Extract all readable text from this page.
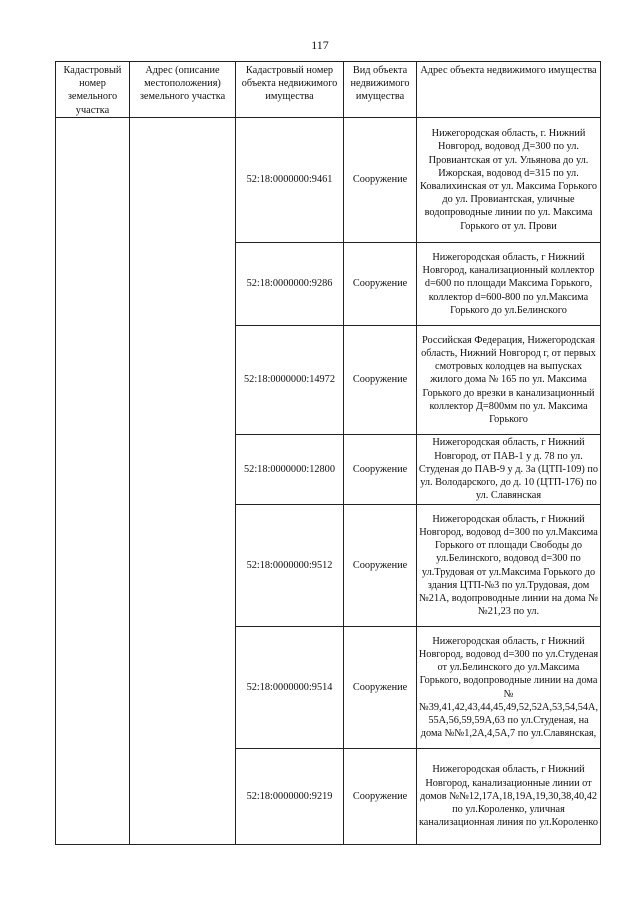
117
Кадастровый номер земельного участка	Адрес (описание местоположения) земельного участка	Кадастровый номер объекта недвижимого имущества	Вид объекта недвижимого имущества	Адрес объекта недвижимого имущества
		52:18:0000000:9461	Сооружение	Нижегородская область, г. Нижний Новгород, водовод Д=300 по ул. Провиантская от ул. Ульянова до ул. Ижорская, водовод d=315 по ул. Ковалихинская от ул. Максима Горького до ул. Провиантская, уличные водопроводные линии по ул. Максима Горького от ул. Прови
		52:18:0000000:9286	Сооружение	Нижегородская область, г Нижний Новгород, канализационный коллектор d=600 по площади Максима Горького, коллектор d=600-800 по ул.Максима Горького до ул.Белинского
		52:18:0000000:14972	Сооружение	Российская Федерация, Нижегородская область, Нижний Новгород г, от первых смотровых колодцев на выпусках жилого дома № 165 по ул. Максима Горького до врезки в канализационный коллектор Д=800мм по ул. Максима Горького
		52:18:0000000:12800	Сооружение	Нижегородская область, г Нижний Новгород, от ПАВ-1 у д. 78 по ул. Студеная до ПАВ-9 у д. 3а (ЦТП-109) по ул. Володарского, до д. 10 (ЦТП-176) по ул. Славянская
		52:18:0000000:9512	Сооружение	Нижегородская область, г Нижний Новгород, водовод d=300 по ул.Максима Горького от площади Свободы до ул.Белинского, водовод d=300 по ул.Трудовая от ул.Максима Горького до здания ЦТП-№3 по ул.Трудовая, дом №21А, водопроводные линии на дома №№21,23 по ул.
		52:18:0000000:9514	Сооружение	Нижегородская область, г Нижний Новгород, водовод d=300 по ул.Студеная от ул.Белинского до ул.Максима Горького, водопроводные линии на дома №№39,41,42,43,44,45,49,52,52А,53,54,54А,55А,56,59,59А,63 по ул.Студеная, на дома №№1,2А,4,5А,7 по ул.Славянская,
		52:18:0000000:9219	Сооружение	Нижегородская область, г Нижний Новгород, канализационные линии от домов №№12,17А,18,19А,19,30,38,40,42 по ул.Короленко, уличная канализационная линия по ул.Короленко
